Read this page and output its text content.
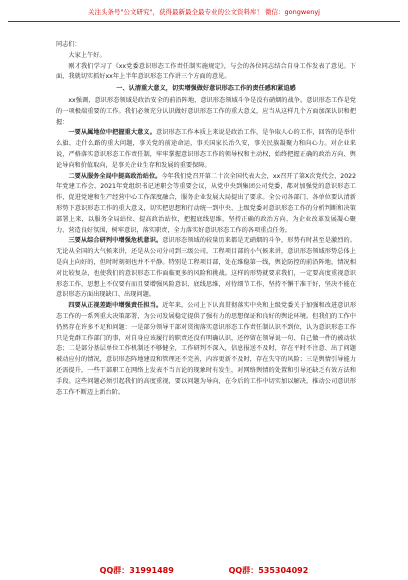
关注头条号"公文研究"，获得最新最全最专业的公文资料库！ 微信：gongwenyj

同志们：

大家上午好。

刚才我们学习了《xx党委意识形态工作责任制实施规定》，与会的各位同志结合自身工作发表了意见。下面，我就切实抓好xx年上半年意识形态工作讲三个方面的意见。

一、认清重大意义，切实增强做好意识形态工作的责任感和紧迫感

xx强调，意识形态领域是政治安全的前沿阵地，意识形态领域斗争是没有硝烟的战争。意识形态工作是党的一项极端重要的工作。我们必须充分认识做好意识形态工作的重大意义，应当从这样几个方面加深认识和把握：

一要从属地位中把握重大意义。意识形态工作本质上来说是政治工作，是争取人心的工作，回答的是举什么旗、走什么路的重大问题，事关党的前途命运，事关国家长治久安，事关民族凝聚力和向心力。对企业来说，严格落实意识形态工作责任制，牢牢掌握意识形态工作的领导权和主动权，始终把握正确的政治方向、舆论导向和价值取向，是事关企业生存和发展的重要保障。

二要从服务全局中提高政治站位。今年我们党召开第二十次全国代表大会，xx召开了第X次党代会，2022年党建工作会、2021年党组织书记述职会等重要会议，从党中央到集团公司党委，都对加强党的意识形态工作，促进党建和生产经营中心工作深度融合，服务企业发展大局提出了要求。全公司各部门、各单位要认清新形势下意识形态工作的重大意义，切实把思想和行动统一到中央、上级党委对意识形态工作的分析判断和决策部署上来，以服务全局站位、提高政治站位，把握底线思维，坚持正确的政治方向，为企业改革发展凝心聚力、营造良好氛围，树牢意识，落实职责，全力落实好意识形态工作的各项重点任务。

三要从综合研判中增强危机意识。意识形态领域的较量历来都是无硝烟的斗争，形势有时甚至是激烈的。无论从全国的大气候来讲，还是从公司分司到三级公司，工程项目部的小气候来讲，意识形态领域形势总体上是向上向好的，但时时刻刻也并不平静。特别是工程项目部，处在维稳第一线，舆论防控的前沿阵地，情况相对比较复杂，也使我们的意识形态工作面临更多的风险和挑战。这样的形势就要求我们，一定要高度重视意识形态工作，思想上不仅要有而且要增强风险意识、底线思维，对待细节工作，坚持不懈干准干好，坚决不能在意识形态方面出现缺口、出现问题。

四要从正视差距中增强责任担当。近年来，公司上下认真贯彻落实中央和上级党委关于加强和改进意识形态工作的一系列重大决策部署，为公司发展稳定提供了强有力的思想保证和良好的舆论环境。但我们的工作中仍然存在许多不足和问题：一是部分领导干部对贯彻落实意识形态工作责任制认识不到位，认为意识形态工作只是党群工作部门的事，对自身应该履行的职责还没有明确认识，还停留在领导说一句、自己做一件的被动状态；二是部分基层单位工作机制还不够健全，工作研判不深入，信息报送不及时，存在平时不注意、出了问题被动应付的情况，意识形态阵地建设和管理还不完善，内容更新不及时，存在失守的风险；三是舆情引导能力还需提升，一些干部职工在网络上发表不当言论的现象时有发生，对网络舆情的处置和引导还缺乏有效方法和手段。这些问题必须引起我们的高度重视，要以问题为导向，在今后的工作中切实加以解决，推动公司意识形态工作不断迈上新台阶。

QQ群：31991489	QQ群：535304092
